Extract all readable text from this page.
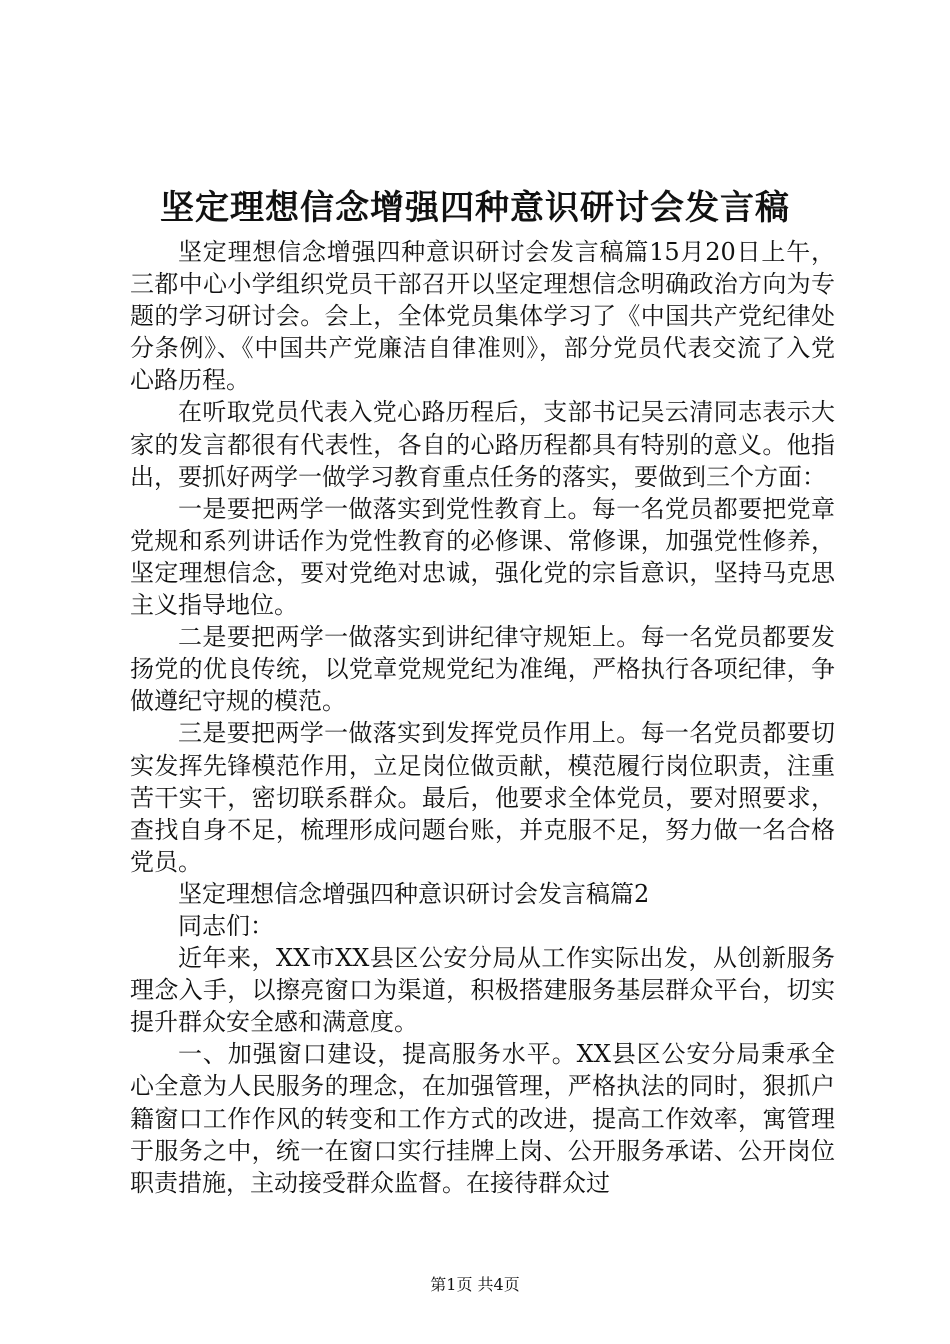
坚定理想信念增强四种意识研讨会发言稿

坚定理想信念增强四种意识研讨会发言稿篇15月20日上午，三都中心小学组织党员干部召开以坚定理想信念明确政治方向为专题的学习研讨会。会上，全体党员集体学习了《中国共产党纪律处分条例》、《中国共产党廉洁自律准则》，部分党员代表交流了入党心路历程。

在听取党员代表入党心路历程后，支部书记吴云清同志表示大家的发言都很有代表性，各自的心路历程都具有特别的意义。他指出，要抓好两学一做学习教育重点任务的落实，要做到三个方面：

一是要把两学一做落实到党性教育上。每一名党员都要把党章党规和系列讲话作为党性教育的必修课、常修课，加强党性修养，坚定理想信念，要对党绝对忠诚，强化党的宗旨意识，坚持马克思主义指导地位。

二是要把两学一做落实到讲纪律守规矩上。每一名党员都要发扬党的优良传统，以党章党规党纪为准绳，严格执行各项纪律，争做遵纪守规的模范。

三是要把两学一做落实到发挥党员作用上。每一名党员都要切实发挥先锋模范作用，立足岗位做贡献，模范履行岗位职责，注重苦干实干，密切联系群众。最后，他要求全体党员，要对照要求，查找自身不足，梳理形成问题台账，并克服不足，努力做一名合格党员。

坚定理想信念增强四种意识研讨会发言稿篇2

同志们：

近年来，XX市XX县区公安分局从工作实际出发，从创新服务理念入手，以擦亮窗口为渠道，积极搭建服务基层群众平台，切实提升群众安全感和满意度。

一、加强窗口建设，提高服务水平。XX县区公安分局秉承全心全意为人民服务的理念，在加强管理，严格执法的同时，狠抓户籍窗口工作作风的转变和工作方式的改进，提高工作效率，寓管理于服务之中，统一在窗口实行挂牌上岗、公开服务承诺、公开岗位职责措施，主动接受群众监督。在接待群众过

第1页 共4页
